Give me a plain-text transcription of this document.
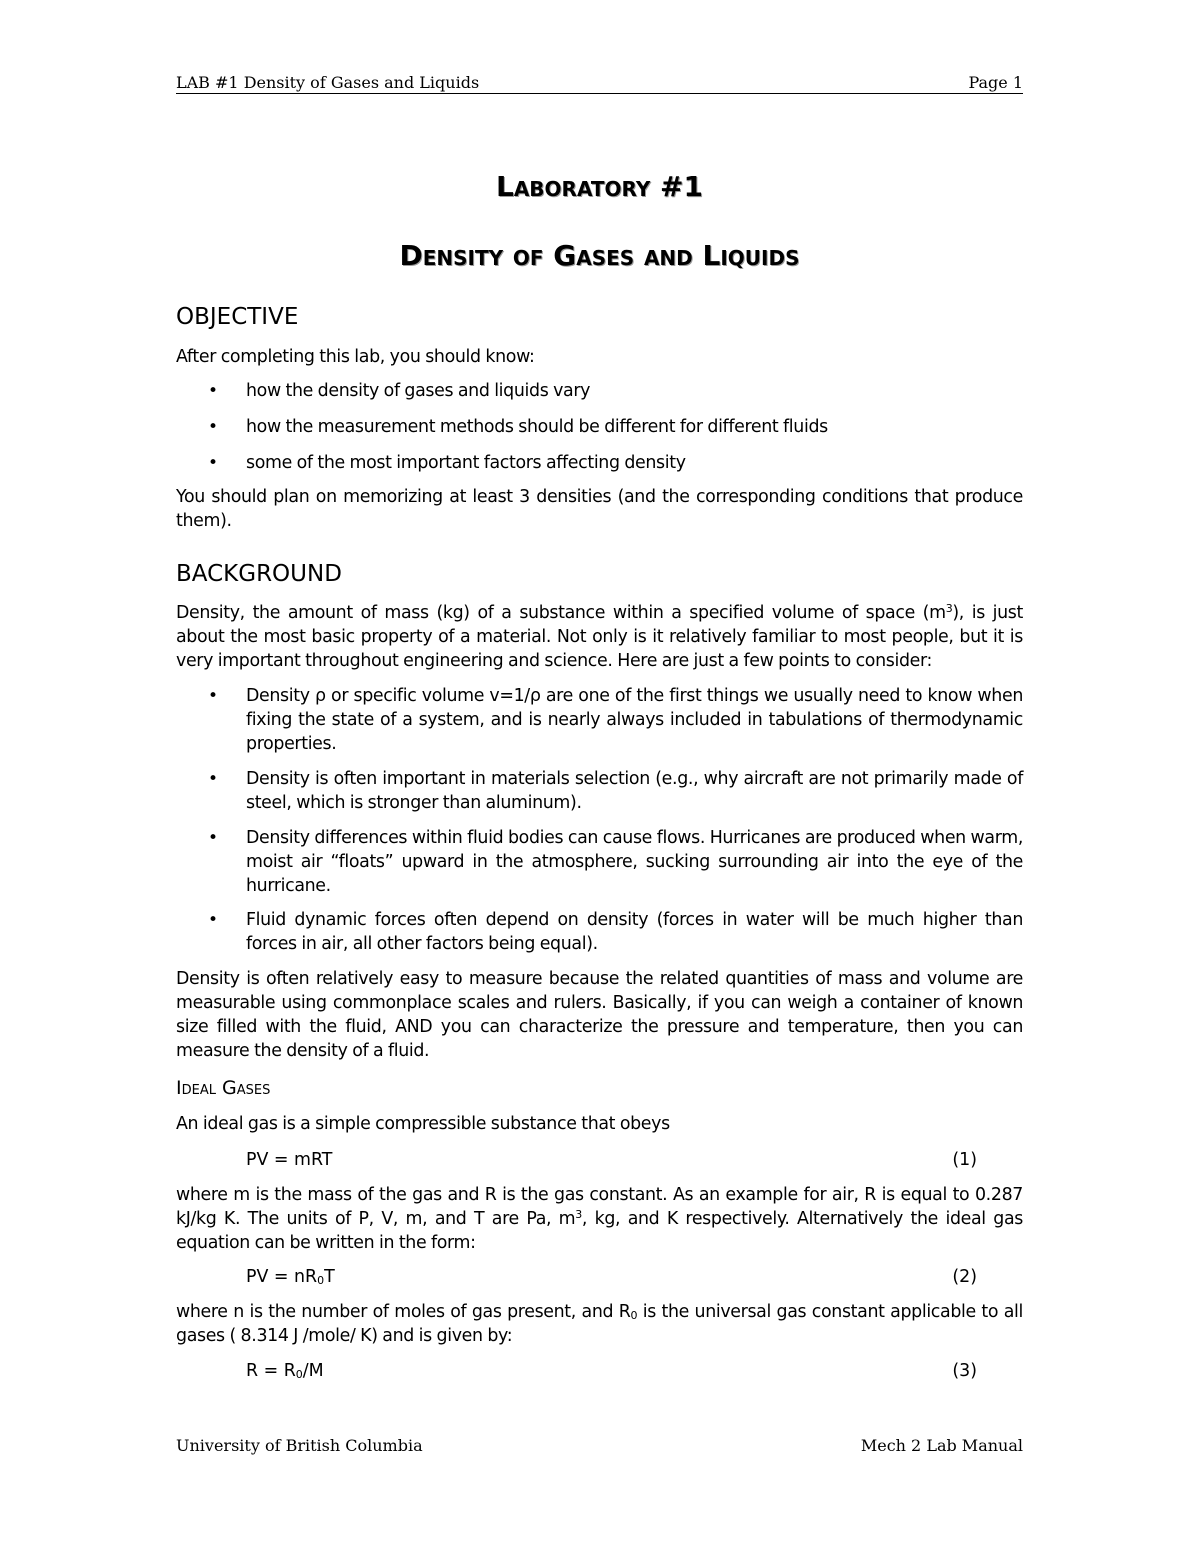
LAB #1 Density of Gases and Liquids	Page 1
Laboratory #1
Density of Gases and Liquids
OBJECTIVE
After completing this lab, you should know:
• how the density of gases and liquids vary
• how the measurement methods should be different for different fluids
• some of the most important factors affecting density
You should plan on memorizing at least 3 densities (and the corresponding conditions that produce them).
BACKGROUND
Density, the amount of mass (kg) of a substance within a specified volume of space $(m^3)$, is just about the most basic property of a material. Not only is it relatively familiar to most people, but it is very important throughout engineering and science. Here are just a few points to consider:
• Density ρ or specific volume v=1/ρ are one of the first things we usually need to know when fixing the state of a system, and is nearly always included in tabulations of thermodynamic properties.
• Density is often important in materials selection (e.g., why aircraft are not primarily made of steel, which is stronger than aluminum).
• Density differences within fluid bodies can cause flows. Hurricanes are produced when warm, moist air “floats” upward in the atmosphere, sucking surrounding air into the eye of the hurricane.
• Fluid dynamic forces often depend on density (forces in water will be much higher than forces in air, all other factors being equal).
Density is often relatively easy to measure because the related quantities of mass and volume are measurable using commonplace scales and rulers. Basically, if you can weigh a container of known size filled with the fluid, AND you can characterize the pressure and temperature, then you can measure the density of a fluid.
Ideal Gases
An ideal gas is a simple compressible substance that obeys
PV = mRT	(1)
where m is the mass of the gas and R is the gas constant. As an example for air, R is equal to 0.287 kJ/kg K. The units of P, V, m, and T are Pa, $m^3$, kg, and K respectively. Alternatively the ideal gas equation can be written in the form:
PV = $nR_0T$	(2)
where n is the number of moles of gas present, and $R_0$ is the universal gas constant applicable to all gases ( 8.314 J /mole/ K) and is given by:
$R = R_0/M$	(3)
University of British Columbia	Mech 2 Lab Manual
